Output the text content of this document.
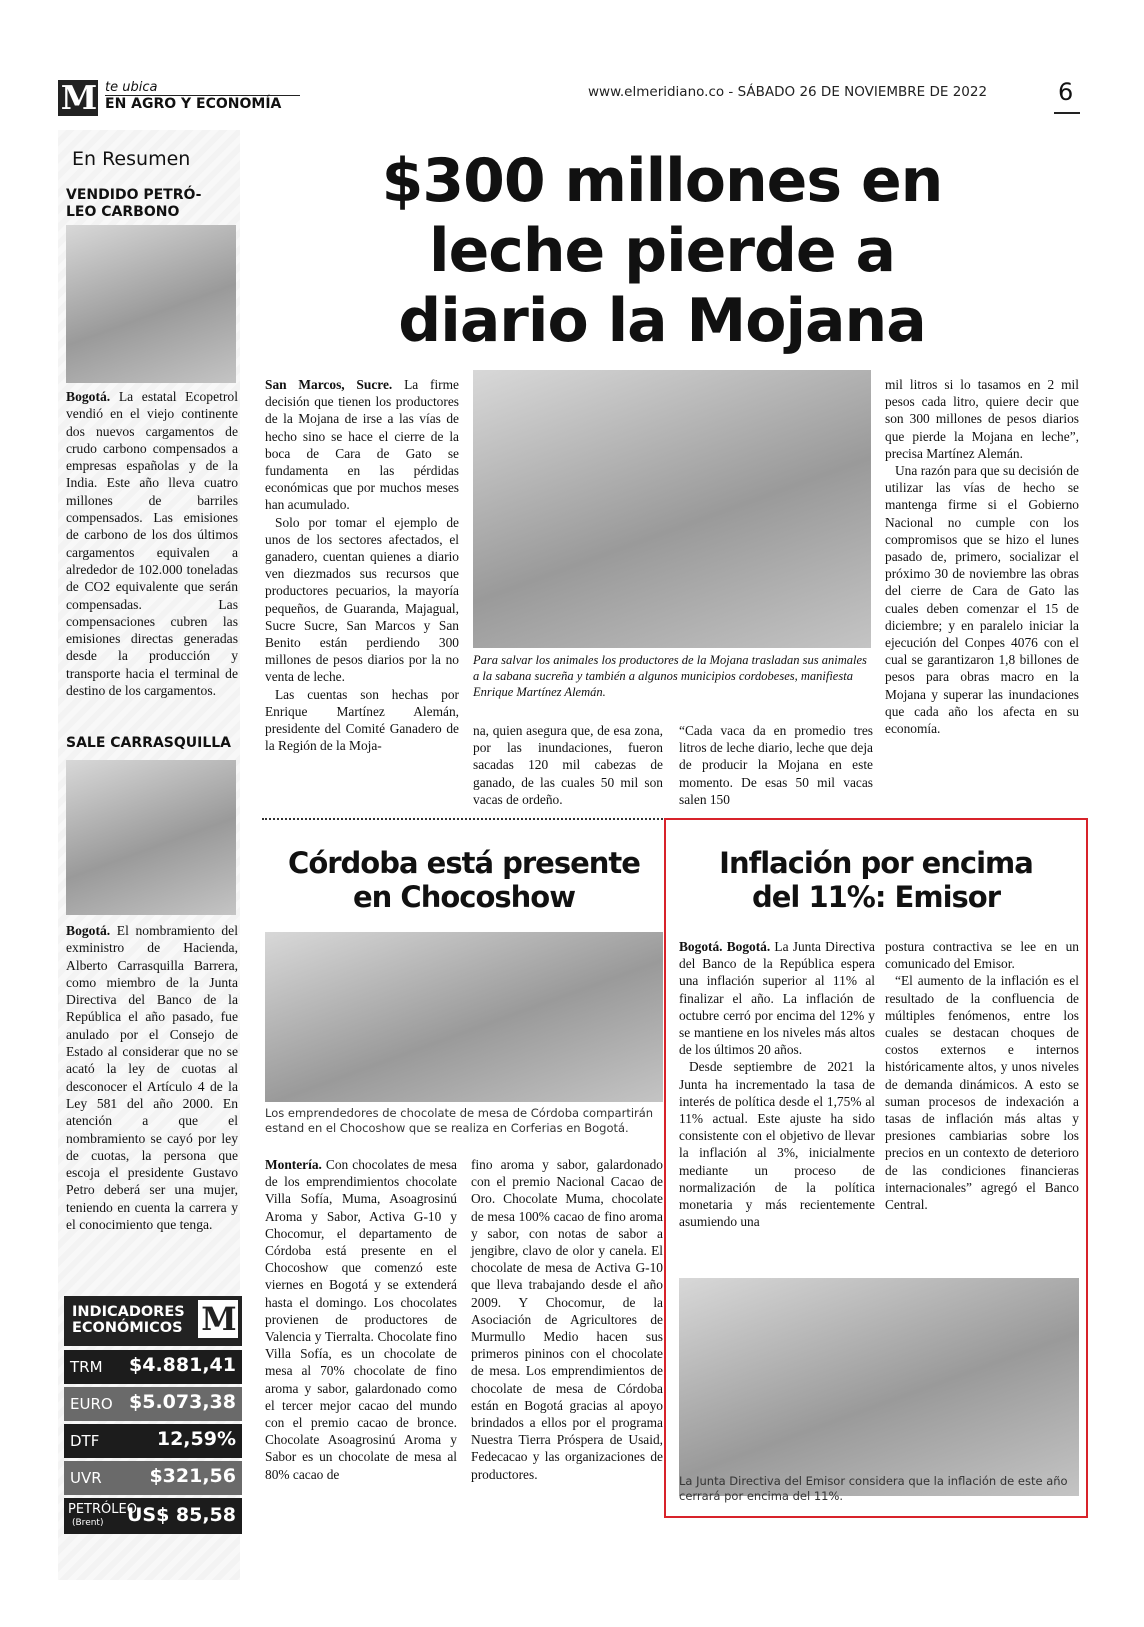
M te ubica
EN AGRO Y ECONOMÍA
www.elmeridiano.co - SÁBADO 26 DE NOVIEMBRE DE 2022	6
En Resumen
VENDIDO PETRÓ-
LEO CARBONO
Bogotá. La estatal Ecopetrol vendió en el viejo continente dos nuevos cargamentos de crudo carbono compensados a empresas españolas y de la India. Este año lleva cuatro millones de barriles compensados. Las emisiones de carbono de los dos últimos cargamentos equivalen a alrededor de 102.000 toneladas de CO2 equivalente que serán compensadas. Las compensaciones cubren las emisiones directas generadas desde la producción y transporte hacia el terminal de destino de los cargamentos.
SALE CARRASQUILLA
Bogotá. El nombramiento del exministro de Hacienda, Alberto Carrasquilla Barrera, como miembro de la Junta Directiva del Banco de la República el año pasado, fue anulado por el Consejo de Estado al considerar que no se acató la ley de cuotas al desconocer el Artículo 4 de la Ley 581 del año 2000. En atención a que el nombramiento se cayó por ley de cuotas, la persona que escoja el presidente Gustavo Petro deberá ser una mujer, teniendo en cuenta la carrera y el conocimiento que tenga.
INDICADORES
ECONÓMICOS M
TRM $4.881,41
EURO $5.073,38
DTF	12,59%
UVR	$321,56
PETRÓLEO
(Brent) US$ 85,58
$300 millones en
leche pierde a
diario la Mojana

San Marcos, Sucre. La firme decisión que tienen los productores de la Mojana de irse a las vías de hecho sino se hace el cierre de la boca de Cara de Gato se fundamenta en las pérdidas económicas que por muchos meses han acumulado.

Solo por tomar el ejemplo de unos de los sectores afectados, el ganadero, cuentan quienes a diario ven diezmados sus recursos que productores pecuarios, la mayoría pequeños, de Guaranda, Majagual, Sucre Sucre, San Marcos y San Benito están perdiendo 300 millones de pesos diarios por la no venta de leche.

Las cuentas son hechas por Enrique Martínez Alemán, presidente del Comité Ganadero de la Región de la Moja-

Para salvar los animales los productores de la Mojana trasladan sus animales a la sabana sucreña y también a algunos municipios cordobeses, manifiesta Enrique Martínez Alemán.

na, quien asegura que, de esa zona, por las inundaciones, fueron sacadas 120 mil cabezas de ganado, de las cuales 50 mil son vacas de ordeño.

“Cada vaca da en promedio tres litros de leche diario, leche que deja de producir la Mojana en este momento. De esas 50 mil vacas salen 150

mil litros si lo tasamos en 2 mil pesos cada litro, quiere decir que son 300 millones de pesos diarios que pierde la Mojana en leche”, precisa Martínez Alemán.

Una razón para que su decisión de utilizar las vías de hecho se mantenga firme si el Gobierno Nacional no cumple con los compromisos que se hizo el lunes pasado de, primero, socializar el próximo 30 de noviembre las obras del cierre de Cara de Gato las cuales deben comenzar el 15 de diciembre; y en paralelo iniciar la ejecución del Conpes 4076 con el cual se garantizaron 1,8 billones de pesos para obras macro en la Mojana y superar las inundaciones que cada año los afecta en su economía.

Córdoba está presente
en Chocoshow
Los emprendedores de chocolate de mesa de Córdoba compartirán estand en el Chocoshow que se realiza en Corferias en Bogotá.

Montería. Con chocolates de mesa de los emprendimientos chocolate Villa Sofía, Muma, Asoagrosinú Aroma y Sabor, Activa G-10 y Chocomur, el departamento de Córdoba está presente en el Chocoshow que comenzó este viernes en Bogotá y se extenderá hasta el domingo. Los chocolates provienen de productores de Valencia y Tierralta. Chocolate fino Villa Sofía, es un chocolate de mesa al 70% chocolate de fino aroma y sabor, galardonado como el tercer mejor cacao del mundo con el premio cacao de bronce. Chocolate Asoagrosinú Aroma y Sabor es un chocolate de mesa al 80% cacao de

fino aroma y sabor, galardonado con el premio Nacional Cacao de Oro. Chocolate Muma, chocolate de mesa 100% cacao de fino aroma y sabor, con notas de sabor a jengibre, clavo de olor y canela. El chocolate de mesa de Activa G-10 que lleva trabajando desde el año 2009. Y Chocomur, de la Asociación de Agricultores de Murmullo Medio hacen sus primeros pininos con el chocolate de mesa. Los emprendimientos de chocolate de mesa de Córdoba están en Bogotá gracias al apoyo brindados a ellos por el programa Nuestra Tierra Próspera de Usaid, Fedecacao y las organizaciones de productores.

Inflación por encima
del 11%: Emisor

Bogotá. Bogotá. La Junta Directiva del Banco de la República espera una inflación superior al 11% al finalizar el año. La inflación de octubre cerró por encima del 12% y se mantiene en los niveles más altos de los últimos 20 años.

Desde septiembre de 2021 la Junta ha incrementado la tasa de interés de política desde el 1,75% al 11% actual. Este ajuste ha sido consistente con el objetivo de llevar la inflación al 3%, inicialmente mediante un proceso de normalización de la política monetaria y más recientemente asumiendo una

postura contractiva se lee en un comunicado del Emisor.

“El aumento de la inflación es el resultado de la confluencia de múltiples fenómenos, entre los cuales se destacan choques de costos externos e internos históricamente altos, y unos niveles de demanda dinámicos. A esto se suman procesos de indexación a tasas de inflación más altas y presiones cambiarias sobre los precios en un contexto de deterioro de las condiciones financieras internacionales” agregó el Banco Central.

La Junta Directiva del Emisor considera que la inflación de este año cerrará por encima del 11%.
